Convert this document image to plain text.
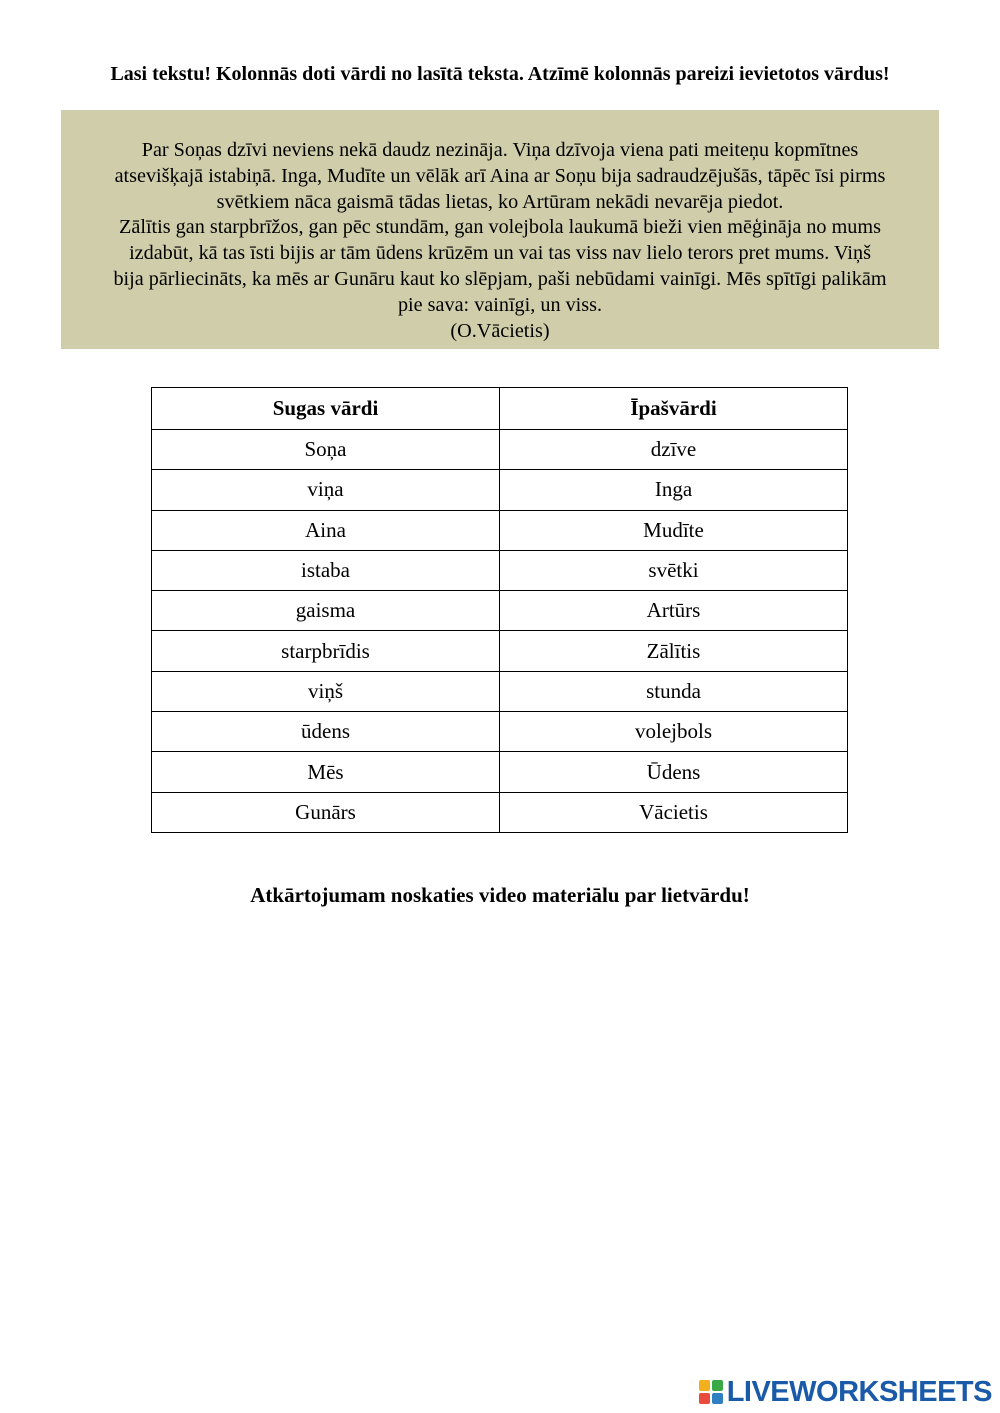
Lasi tekstu! Kolonnās doti vārdi no lasītā teksta. Atzīmē kolonnās pareizi ievietotos vārdus!

Par Soņas dzīvi neviens nekā daudz nezināja. Viņa dzīvoja viena pati meiteņu kopmītnes

atsevišķajā istabiņā. Inga, Mudīte un vēlāk arī Aina ar Soņu bija sadraudzējušās, tāpēc īsi pirms

svētkiem nāca gaismā tādas lietas, ko Artūram nekādi nevarēja piedot.

Zālītis gan starpbrīžos, gan pēc stundām, gan volejbola laukumā bieži vien mēģināja no mums

izdabūt, kā tas īsti bijis ar tām ūdens krūzēm un vai tas viss nav lielo terors pret mums. Viņš

bija pārliecināts, ka mēs ar Gunāru kaut ko slēpjam, paši nebūdami vainīgi. Mēs spītīgi palikām

pie sava: vainīgi, un viss.

(O.Vācietis)

Sugas vārdi	Īpašvārdi
Soņa	dzīve
viņa	Inga
Aina	Mudīte
istaba	svētki
gaisma	Artūrs
starpbrīdis	Zālītis
viņš	stunda
ūdens	volejbols
Mēs	Ūdens
Gunārs	Vācietis
Atkārtojumam noskaties video materiālu par lietvārdu!
LIVEWORKSHEETS
